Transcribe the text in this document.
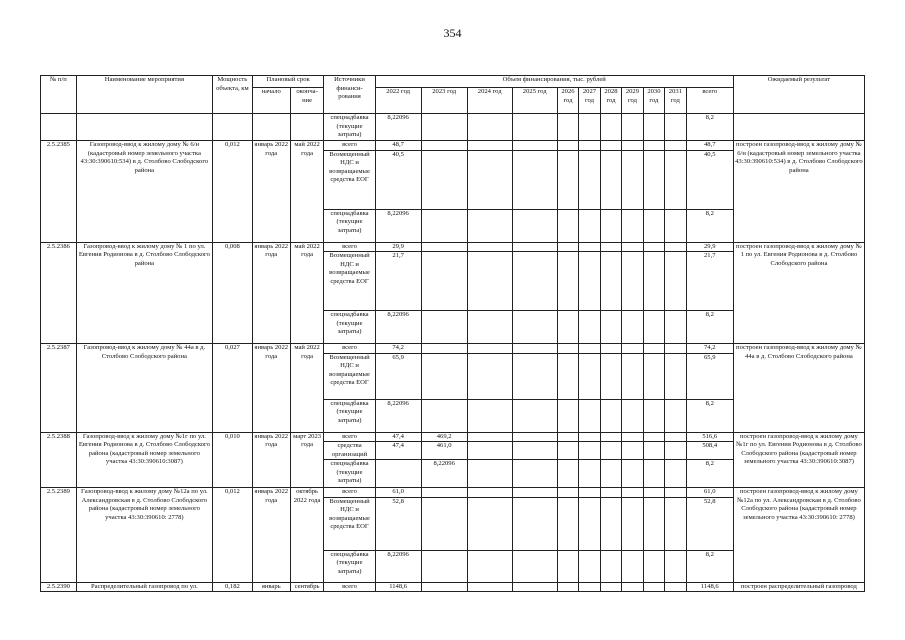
354
№ п/п	Наименование мероприятия	Мощность объекта, км	Плановый срок		Источники финанси- рования	Объем финансирования, тыс. рублей											Ожидаемый результат
			начало	оконча- ние		2022 год	2023 год	2024 год	2025 год	2026 год	2027 год	2028 год	2029 год	2030 год	2031 год	всего	

					спецнадбавка (текущие затраты)	8,22096										8,2	
2.5.2385	Газопровод-ввод к жилому дому № 6/н (кадастровый номер земельного участка 43:30:390610:534) в д. Столбово Слободского района	0,012	январь 2022 года	май 2022 года	всего	48,7										48,7	построен газопровод-ввод к жилому дому № 6/н (кадастровый номер земельного участка 43:30:390610:534) в д. Столбово Слободского района
					Возмещенный НДС и возвращаемые средства ЕОГ	40,5										40,5	
					спецнадбавка (текущие затраты)	8,22096										8,2	
2.5.2386	Газопровод-ввод к жилому дому № 1 по ул. Евгения Родионова в д. Столбово Слободского района	0,008	январь 2022 года	май 2022 года	всего	29,9										29,9	построен газопровод-ввод к жилому дому № 1 по ул. Евгения Родионова в д. Столбово Слободского района
					Возмещенный НДС и возвращаемые средства ЕОГ	21,7										21,7	
					спецнадбавка (текущие затраты)	8,22096										8,2	
2.5.2387	Газопровод-ввод к жилому дому № 44а в д. Столбово Слободского района	0,027	январь 2022 года	май 2022 года	всего	74,2										74,2	построен газопровод-ввод к жилому дому № 44а в д. Столбово Слободского района
					Возмещенный НДС и возвращаемые средства ЕОГ	65,9										65,9	
					спецнадбавка (текущие затраты)	8,22096										8,2	
2.5.2388	Газопровод-ввод к жилому дому №1г по ул. Евгения Родионова в д. Столбово Слободского района (кадастровый номер земельного участка 43:30:390610:3087)	0,010	январь 2022 года	март 2023 года	всего	47,4	469,2									516,6	построен газопровод-ввод к жилому дому №1г по ул. Евгения Родионова в д. Столбово Слободского района (кадастровый номер земельного участка 43:30:390610:3087)
					средства организаций	47,4	461,0									508,4	
					спецнадбавка (текущие затраты)		8,22096									8,2	
2.5.2389	Газопровод-ввод к жилому дому №12а по ул. Александровская в д. Столбово Слободского района (кадастровый номер земельного участка 43:30:390610: 2778)	0,012	январь 2022 года	октябрь 2022 года	всего	61,0										61,0	построен газопровод-ввод к жилому дому №12а по ул. Александровская в д. Столбово Слободского района (кадастровый номер земельного участка 43:30:390610: 2778)
					Возмещенный НДС и возвращаемые средства ЕОГ	52,8										52,8	
					спецнадбавка (текущие затраты)	8,22096										8,2	
2.5.2390	Распределительный газопровод по ул.	0,182	январь	сентябрь	всего	1148,6										1148,6	построен распределительный газопровод
